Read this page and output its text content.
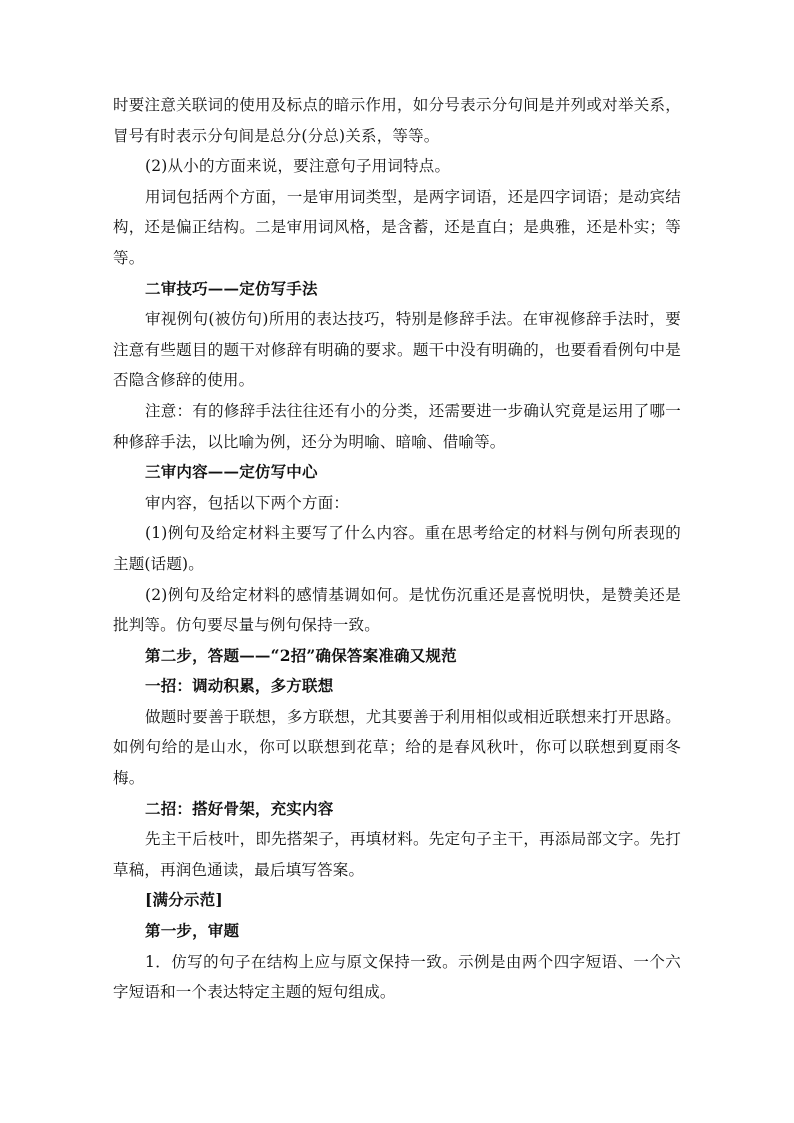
时要注意关联词的使用及标点的暗示作用，如分号表示分句间是并列或对举关系，冒号有时表示分句间是总分(分总)关系，等等。

(2)从小的方面来说，要注意句子用词特点。

用词包括两个方面，一是审用词类型，是两字词语，还是四字词语；是动宾结构，还是偏正结构。二是审用词风格，是含蓄，还是直白；是典雅，还是朴实；等等。

二审技巧——定仿写手法

审视例句(被仿句)所用的表达技巧，特别是修辞手法。在审视修辞手法时，要注意有些题目的题干对修辞有明确的要求。题干中没有明确的，也要看看例句中是否隐含修辞的使用。

注意：有的修辞手法往往还有小的分类，还需要进一步确认究竟是运用了哪一种修辞手法，以比喻为例，还分为明喻、暗喻、借喻等。

三审内容——定仿写中心

审内容，包括以下两个方面：

(1)例句及给定材料主要写了什么内容。重在思考给定的材料与例句所表现的主题(话题)。

(2)例句及给定材料的感情基调如何。是忧伤沉重还是喜悦明快，是赞美还是批判等。仿句要尽量与例句保持一致。

第二步，答题——“2招”确保答案准确又规范

一招：调动积累，多方联想

做题时要善于联想，多方联想，尤其要善于利用相似或相近联想来打开思路。如例句给的是山水，你可以联想到花草；给的是春风秋叶，你可以联想到夏雨冬梅。

二招：搭好骨架，充实内容

先主干后枝叶，即先搭架子，再填材料。先定句子主干，再添局部文字。先打草稿，再润色通读，最后填写答案。

[满分示范]

第一步，审题

1．仿写的句子在结构上应与原文保持一致。示例是由两个四字短语、一个六字短语和一个表达特定主题的短句组成。
